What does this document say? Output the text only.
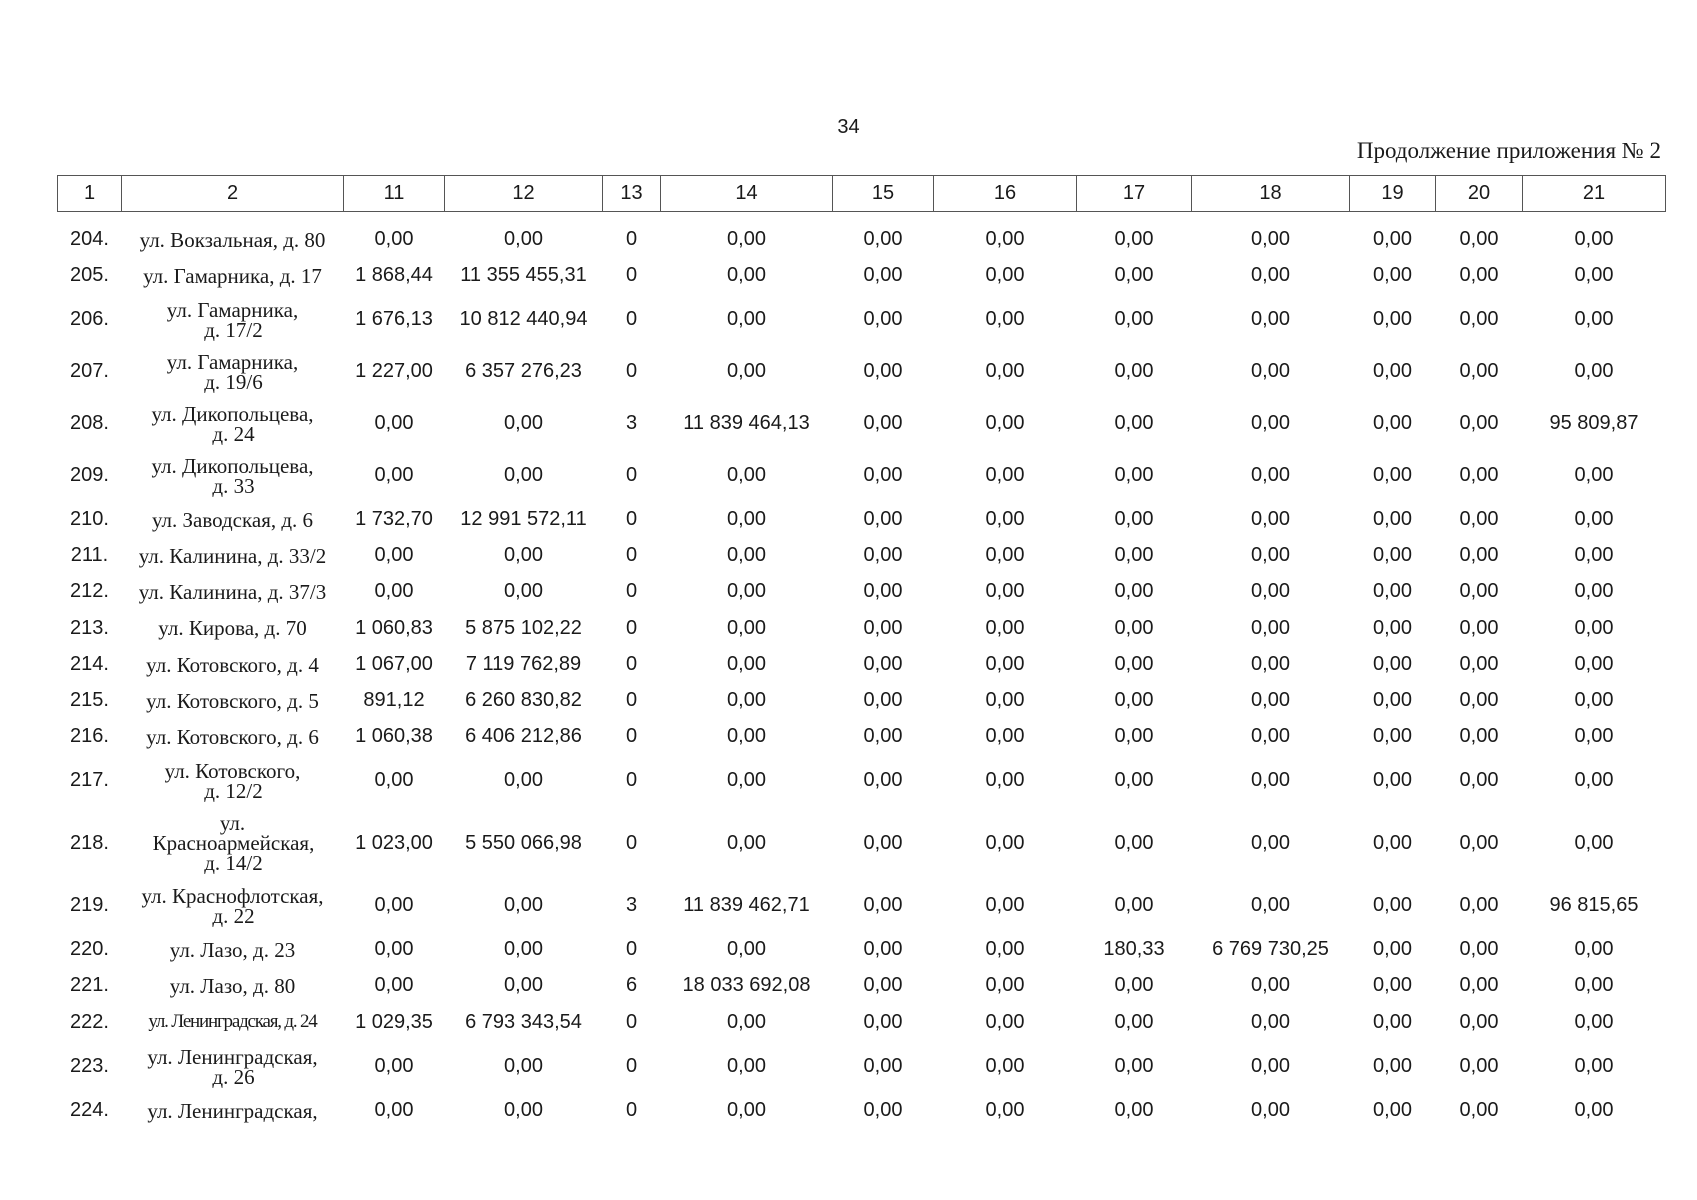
34
Продолжение приложения № 2
1	2	11	12	13	14	15	16	17	18	19	20	21
204.	ул. Вокзальная, д. 80	0,00	0,00	0	0,00	0,00	0,00	0,00	0,00	0,00	0,00	0,00
205.	ул. Гамарника, д. 17	1 868,44	11 355 455,31	0	0,00	0,00	0,00	0,00	0,00	0,00	0,00	0,00
206.	ул. Гамарника,
д. 17/2	1 676,13	10 812 440,94	0	0,00	0,00	0,00	0,00	0,00	0,00	0,00	0,00
207.	ул. Гамарника,
д. 19/6	1 227,00	6 357 276,23	0	0,00	0,00	0,00	0,00	0,00	0,00	0,00	0,00
208.	ул. Дикопольцева,
д. 24	0,00	0,00	3	11 839 464,13	0,00	0,00	0,00	0,00	0,00	0,00	95 809,87
209.	ул. Дикопольцева,
д. 33	0,00	0,00	0	0,00	0,00	0,00	0,00	0,00	0,00	0,00	0,00
210.	ул. Заводская, д. 6	1 732,70	12 991 572,11	0	0,00	0,00	0,00	0,00	0,00	0,00	0,00	0,00
211.	ул. Калинина, д. 33/2	0,00	0,00	0	0,00	0,00	0,00	0,00	0,00	0,00	0,00	0,00
212.	ул. Калинина, д. 37/3	0,00	0,00	0	0,00	0,00	0,00	0,00	0,00	0,00	0,00	0,00
213.	ул. Кирова, д. 70	1 060,83	5 875 102,22	0	0,00	0,00	0,00	0,00	0,00	0,00	0,00	0,00
214.	ул. Котовского, д. 4	1 067,00	7 119 762,89	0	0,00	0,00	0,00	0,00	0,00	0,00	0,00	0,00
215.	ул. Котовского, д. 5	891,12	6 260 830,82	0	0,00	0,00	0,00	0,00	0,00	0,00	0,00	0,00
216.	ул. Котовского, д. 6	1 060,38	6 406 212,86	0	0,00	0,00	0,00	0,00	0,00	0,00	0,00	0,00
217.	ул. Котовского,
д. 12/2	0,00	0,00	0	0,00	0,00	0,00	0,00	0,00	0,00	0,00	0,00
218.	ул.
Красноармейская,
д. 14/2	1 023,00	5 550 066,98	0	0,00	0,00	0,00	0,00	0,00	0,00	0,00	0,00
219.	ул. Краснофлотская,
д. 22	0,00	0,00	3	11 839 462,71	0,00	0,00	0,00	0,00	0,00	0,00	96 815,65
220.	ул. Лазо, д. 23	0,00	0,00	0	0,00	0,00	0,00	180,33	6 769 730,25	0,00	0,00	0,00
221.	ул. Лазо, д. 80	0,00	0,00	6	18 033 692,08	0,00	0,00	0,00	0,00	0,00	0,00	0,00
222.	ул. Ленинградская, д. 24	1 029,35	6 793 343,54	0	0,00	0,00	0,00	0,00	0,00	0,00	0,00	0,00
223.	ул. Ленинградская,
д. 26	0,00	0,00	0	0,00	0,00	0,00	0,00	0,00	0,00	0,00	0,00
224.	ул. Ленинградская,	0,00	0,00	0	0,00	0,00	0,00	0,00	0,00	0,00	0,00	0,00
